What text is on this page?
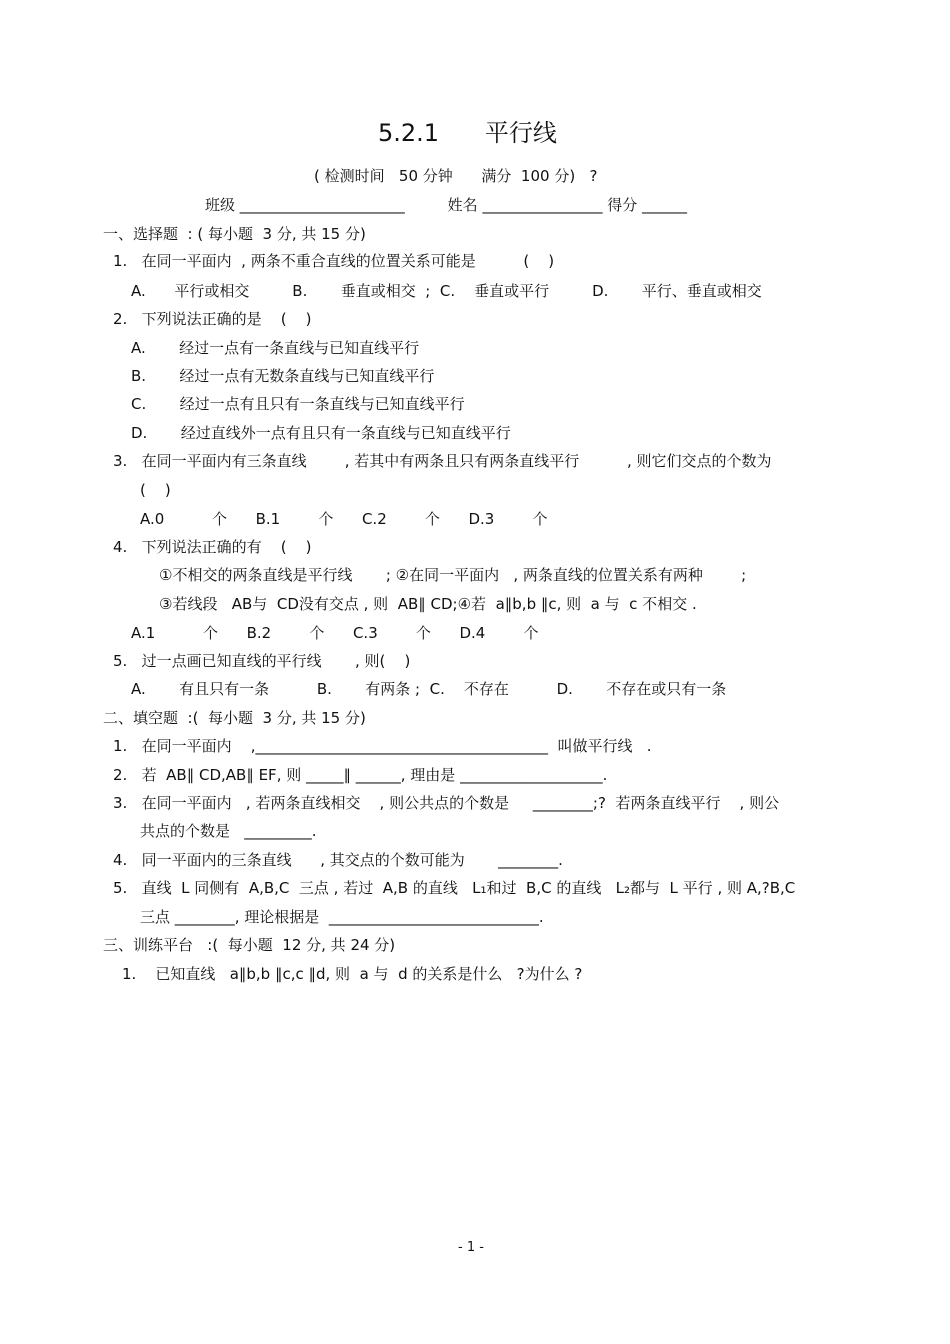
5.2.1      平行线
( 检测时间   50 分钟      满分  100 分)   ?
班级 ______________________         姓名 ________________ 得分 ______
一、选择题  : ( 每小题  3 分, 共 15 分)
1.   在同一平面内  , 两条不重合直线的位置关系可能是          (    )
A.      平行或相交         B.       垂直或相交  ;  C.    垂直或平行         D.       平行、垂直或相交
2.   下列说法正确的是    (    )
A.       经过一点有一条直线与已知直线平行
B.       经过一点有无数条直线与已知直线平行
C.       经过一点有且只有一条直线与已知直线平行
D.       经过直线外一点有且只有一条直线与已知直线平行
3.   在同一平面内有三条直线        , 若其中有两条且只有两条直线平行          , 则它们交点的个数为
(    )
A.0          个      B.1        个      C.2        个      D.3        个
4.   下列说法正确的有    (    )
①不相交的两条直线是平行线       ; ②在同一平面内   , 两条直线的位置关系有两种        ;
③若线段   AB与  CD没有交点 , 则  AB∥ CD;④若  a∥b,b ∥c, 则  a 与  c 不相交 .
A.1          个      B.2        个      C.3        个      D.4        个
5.   过一点画已知直线的平行线       , 则(    )
A.       有且只有一条          B.       有两条 ;  C.    不存在          D.       不存在或只有一条
二、填空题  :(  每小题  3 分, 共 15 分)
1.   在同一平面内    ,_______________________________________  叫做平行线   .
2.   若  AB∥ CD,AB∥ EF, 则 _____∥ ______, 理由是 ___________________.
3.   在同一平面内   , 若两条直线相交    , 则公共点的个数是     ________;?  若两条直线平行    , 则公
共点的个数是   _________.
4.   同一平面内的三条直线      , 其交点的个数可能为       ________.
5.   直线  L 同侧有  A,B,C  三点 , 若过  A,B 的直线   L₁和过  B,C 的直线   L₂都与  L 平行 , 则 A,?B,C
三点 ________, 理论根据是  ____________________________.
三、训练平台   :(  每小题  12 分, 共 24 分)
1.    已知直线   a∥b,b ∥c,c ∥d, 则  a 与  d 的关系是什么   ?为什么 ?
- 1 -
